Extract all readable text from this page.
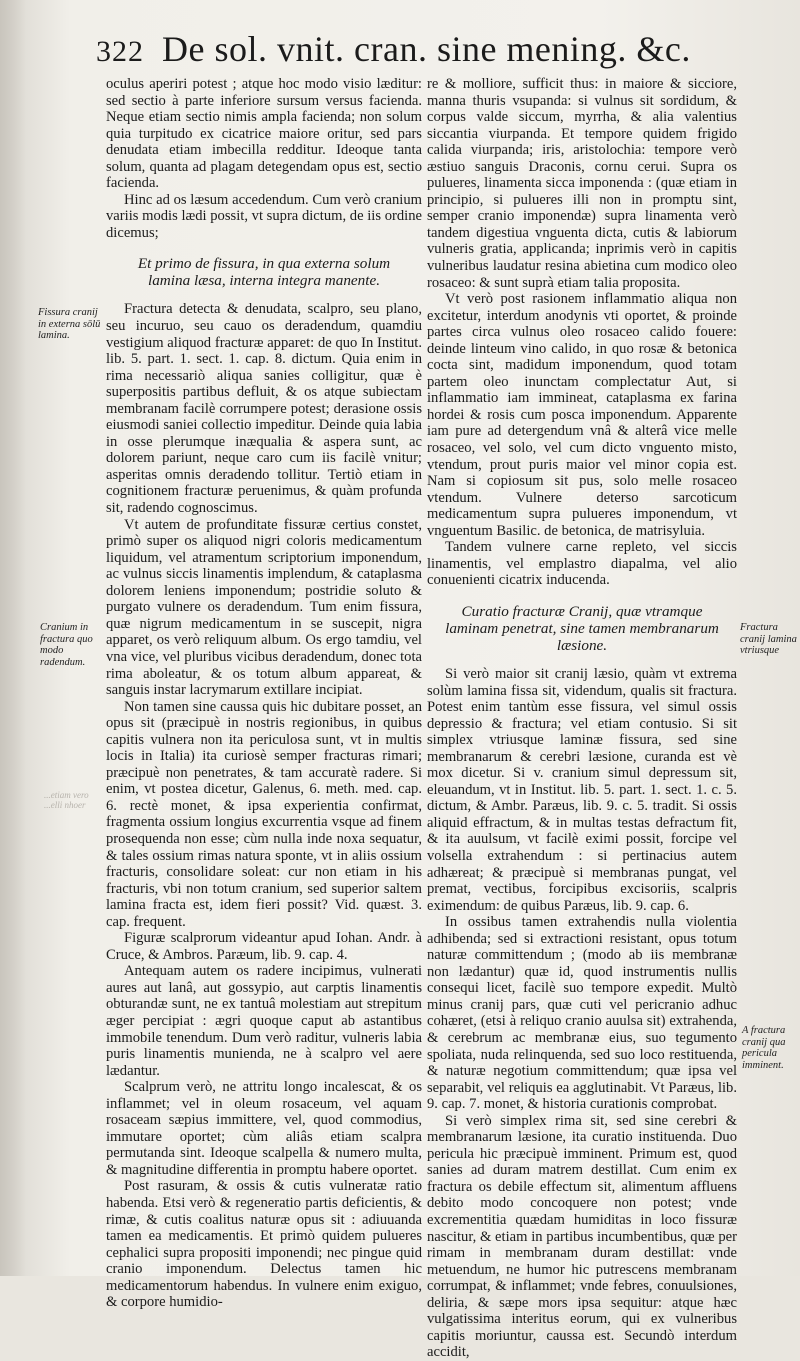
322 De sol. vnit. cran. sine mening. &c.
Fissura cranij in externa sōlū lamina.
Cranium in fractura quo modo radendum.
Fractura cranij lamina vtriusque
A fractura cranij qua pericula imminent.
...etiam vero ...elli nhoer

oculus aperiri potest ; atque hoc modo visio læditur: sed sectio à parte inferiore sursum versus facienda. Neque etiam sectio nimis ampla facienda; non solum quia turpitudo ex cicatrice maiore oritur, sed pars denudata etiam imbecilla redditur. Ideoque tanta solum, quanta ad plagam detegendam opus est, sectio facienda.

Hinc ad os læsum accedendum. Cum verò cranium variis modis lædi possit, vt supra dictum, de iis ordine dicemus;

Et primo de fissura, in qua externa solum lamina læsa, interna integra manente.

Fractura detecta & denudata, scalpro, seu plano, seu incuruo, seu cauo os deradendum, quamdiu vestigium aliquod fracturæ apparet: de quo In Institut. lib. 5. part. 1. sect. 1. cap. 8. dictum. Quia enim in rima necessariò aliqua sanies colligitur, quæ è superpositis partibus defluit, & os atque subiectam membranam facilè corrumpere potest; derasione ossis eiusmodi saniei collectio impeditur. Deinde quia labia in osse plerumque inæqualia & aspera sunt, ac dolorem pariunt, neque caro cum iis facilè vnitur; asperitas omnis deradendo tollitur. Tertiò etiam in cognitionem fracturæ peruenimus, & quàm profunda sit, radendo cognoscimus.

Vt autem de profunditate fissuræ certius constet, primò super os aliquod nigri coloris medicamentum liquidum, vel atramentum scriptorium imponendum, ac vulnus siccis linamentis implendum, & cataplasma dolorem leniens imponendum; postridie soluto & purgato vulnere os deradendum. Tum enim fissura, quæ nigrum medicamentum in se suscepit, nigra apparet, os verò reliquum album. Os ergo tamdiu, vel vna vice, vel pluribus vicibus deradendum, donec tota rima aboleatur, & os totum album appareat, & sanguis instar lacrymarum extillare incipiat.

Non tamen sine caussa quis hic dubitare posset, an opus sit (præcipuè in nostris regionibus, in quibus capitis vulnera non ita periculosa sunt, vt in multis locis in Italia) ita curiosè semper fracturas rimari; præcipuè non penetrates, & tam accuratè radere. Si enim, vt postea dicetur, Galenus, 6. meth. med. cap. 6. rectè monet, & ipsa experientia confirmat, fragmenta ossium longius excurrentia vsque ad finem prosequenda non esse; cùm nulla inde noxa sequatur, & tales ossium rimas natura sponte, vt in aliis ossium fracturis, consolidare soleat: cur non etiam in his fracturis, vbi non totum cranium, sed superior saltem lamina fracta est, idem fieri possit? Vid. quæst. 3. cap. frequent.

Figuræ scalprorum videantur apud Iohan. Andr. à Cruce, & Ambros. Paræum, lib. 9. cap. 4.

Antequam autem os radere incipimus, vulnerati aures aut lanâ, aut gossypio, aut carptis linamentis obturandæ sunt, ne ex tantuâ molestiam aut strepitum æger percipiat : ægri quoque caput ab astantibus immobile tenendum. Dum verò raditur, vulneris labia puris linamentis munienda, ne à scalpro vel aere lædantur.

Scalprum verò, ne attritu longo incalescat, & os inflammet; vel in oleum rosaceum, vel aquam rosaceam sæpius immittere, vel, quod commodius, immutare oportet; cùm aliâs etiam scalpra permutanda sint. Ideoque scalpella & numero multa, & magnitudine differentia in promptu habere oportet.

Post rasuram, & ossis & cutis vulneratæ ratio habenda. Etsi verò & regeneratio partis deficientis, & rimæ, & cutis coalitus naturæ opus sit : adiuuanda tamen ea medicamentis. Et primò quidem pulueres cephalici supra propositi imponendi; nec pingue quid cranio imponendum. Delectus tamen hic medicamentorum habendus. In vulnere enim exiguo, & corpore humidio-

re & molliore, sufficit thus: in maiore & sicciore, manna thuris vsupanda: si vulnus sit sordidum, & corpus valde siccum, myrrha, & alia valentius siccantia viurpanda. Et tempore quidem frigido calida viurpanda; iris, aristolochia: tempore verò æstiuo sanguis Draconis, cornu cerui. Supra os pulueres, linamenta sicca imponenda : (quæ etiam in principio, si pulueres illi non in promptu sint, semper cranio imponendæ) supra linamenta verò tandem digestiua vnguenta dicta, cutis & labiorum vulneris gratia, applicanda; inprimis verò in capitis vulneribus laudatur resina abietina cum modico oleo rosaceo: & sunt suprà etiam talia proposita.

Vt verò post rasionem inflammatio aliqua non excitetur, interdum anodynis vti oportet, & proinde partes circa vulnus oleo rosaceo calido fouere: deinde linteum vino calido, in quo rosæ & betonica cocta sint, madidum imponendum, quod totam partem oleo inunctam complectatur Aut, si inflammatio iam immineat, cataplasma ex farina hordei & rosis cum posca imponendum. Apparente iam pure ad detergendum vnâ & alterâ vice melle rosaceo, vel solo, vel cum dicto vnguento misto, vtendum, prout puris maior vel minor copia est. Nam si copiosum sit pus, solo melle rosaceo vtendum. Vulnere deterso sarcoticum medicamentum supra pulueres imponendum, vt vnguentum Basilic. de betonica, de matrisyluia.

Tandem vulnere carne repleto, vel siccis linamentis, vel emplastro diapalma, vel alio conuenienti cicatrix inducenda.

Curatio fracturæ Cranij, quæ vtramque laminam penetrat, sine tamen membranarum læsione.

Si verò maior sit cranij læsio, quàm vt extrema solùm lamina fissa sit, videndum, qualis sit fractura. Potest enim tantùm esse fissura, vel simul ossis depressio & fractura; vel etiam contusio. Si sit simplex vtriusque laminæ fissura, sed sine membranarum & cerebri læsione, curanda est vè mox dicetur. Si v. cranium simul depressum sit, eleuandum, vt in Institut. lib. 5. part. 1. sect. 1. c. 5. dictum, & Ambr. Paræus, lib. 9. c. 5. tradit. Si ossis aliquid effractum, & in multas testas defractum fit, & ita auulsum, vt facilè eximi possit, forcipe vel volsella extrahendum : si pertinacius autem adhæreat; & præcipuè si membranas pungat, vel premat, vectibus, forcipibus excisoriis, scalpris eximendum: de quibus Paræus, lib. 9. cap. 6.

In ossibus tamen extrahendis nulla violentia adhibenda; sed si extractioni resistant, opus totum naturæ committendum ; (modo ab iis membranæ non lædantur) quæ id, quod instrumentis nullis consequi licet, facilè suo tempore expedit. Multò minus cranij pars, quæ cuti vel pericranio adhuc cohæret, (etsi à reliquo cranio auulsa sit) extrahenda, & cerebrum ac membranæ eius, suo tegumento spoliata, nuda relinquenda, sed suo loco restituenda, & naturæ negotium committendum; quæ ipsa vel separabit, vel reliquis ea agglutinabit. Vt Paræus, lib. 9. cap. 7. monet, & historia curationis comprobat.

Si verò simplex rima sit, sed sine cerebri & membranarum læsione, ita curatio instituenda. Duo pericula hic præcipuè imminent. Primum est, quod sanies ad duram matrem destillat. Cum enim ex fractura os debile effectum sit, alimentum affluens debito modo concoquere non potest; vnde excrementitia quædam humiditas in loco fissuræ nascitur, & etiam in partibus incumbentibus, quæ per rimam in membranam duram destillat: vnde metuendum, ne humor hic putrescens membranam corrumpat, & inflammet; vnde febres, conuulsiones, deliria, & sæpe mors ipsa sequitur: atque hæc vulgatissima interitus eorum, qui ex vulneribus capitis moriuntur, caussa est. Secundò interdum accidit,
